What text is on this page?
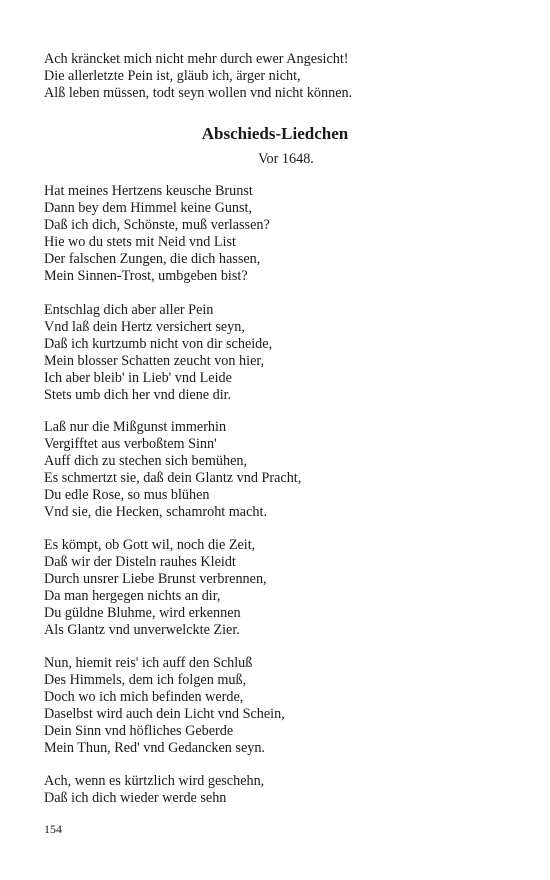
Ach kräncket mich nicht mehr durch ewer Angesicht!
Die allerletzte Pein ist, gläub ich, ärger nicht,
Alß leben müssen, todt seyn wollen vnd nicht können.
Abschieds-Liedchen
Vor 1648.
Hat meines Hertzens keusche Brunst
Dann bey dem Himmel keine Gunst,
Daß ich dich, Schönste, muß verlassen?
Hie wo du stets mit Neid vnd List
Der falschen Zungen, die dich hassen,
Mein Sinnen-Trost, umbgeben bist?
Entschlag dich aber aller Pein
Vnd laß dein Hertz versichert seyn,
Daß ich kurtzumb nicht von dir scheide,
Mein blosser Schatten zeucht von hier,
Ich aber bleib' in Lieb' vnd Leide
Stets umb dich her vnd diene dir.
Laß nur die Mißgunst immerhin
Vergifftet aus verboßtem Sinn'
Auff dich zu stechen sich bemühen,
Es schmertzt sie, daß dein Glantz vnd Pracht,
Du edle Rose, so mus blühen
Vnd sie, die Hecken, schamroht macht.
Es kömpt, ob Gott wil, noch die Zeit,
Daß wir der Disteln rauhes Kleidt
Durch unsrer Liebe Brunst verbrennen,
Da man hergegen nichts an dir,
Du güldne Bluhme, wird erkennen
Als Glantz vnd unverwelckte Zier.
Nun, hiemit reis' ich auff den Schluß
Des Himmels, dem ich folgen muß,
Doch wo ich mich befinden werde,
Daselbst wird auch dein Licht vnd Schein,
Dein Sinn vnd höfliches Geberde
Mein Thun, Red' vnd Gedancken seyn.
Ach, wenn es kürtzlich wird geschehn,
Daß ich dich wieder werde sehn
154
